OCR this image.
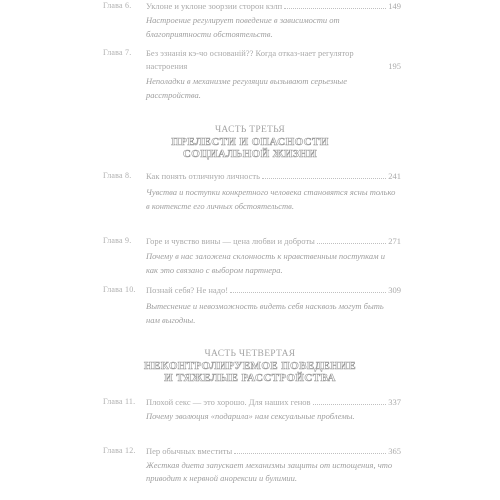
Глава 6. Уклоне и уклоне зоорзии сторон кэлп	149
Настроение регулирует поведение в зависимости от благоприятности обстоятельств.
Глава 7. Без эзнанія кэ-чо основаній?? Когда отказ-нает регулятор настроения	195
Неполадки в механизме регуляции вызывают серьезные расстройства.
ЧАСТЬ ТРЕТЬЯ
ПРЕЛЕСТИ И ОПАСНОСТИ
СОЦИАЛЬНОЙ ЖИЗНИ
Глава 8. Как понять отличную личность	241
Чувства и поступки конкретного человека становятся ясны только в контексте его личных обстоятельств.
Глава 9. Горе и чувство вины — цена любви и доброты	271
Почему в нас заложена склонность к нравственным поступкам и как это связано с выбором партнера.
Глава 10. Познай себя? Не надо!	309
Вытеснение и невозможность видеть себя насквозь могут быть нам выгодны.
ЧАСТЬ ЧЕТВЕРТАЯ
НЕКОНТРОЛИРУЕМОЕ ПОВЕДЕНИЕ
И ТЯЖЕЛЫЕ РАССТРОЙСТВА
Глава 11. Плохой секс — это хорошо. Для наших генов	337
Почему эволюция «подарила» нам сексуальные проблемы.
Глава 12. Пер обычных вместиты	365
Жесткая диета запускает механизмы защиты от истощения, что приводит к нервной анорексии и булимии.
